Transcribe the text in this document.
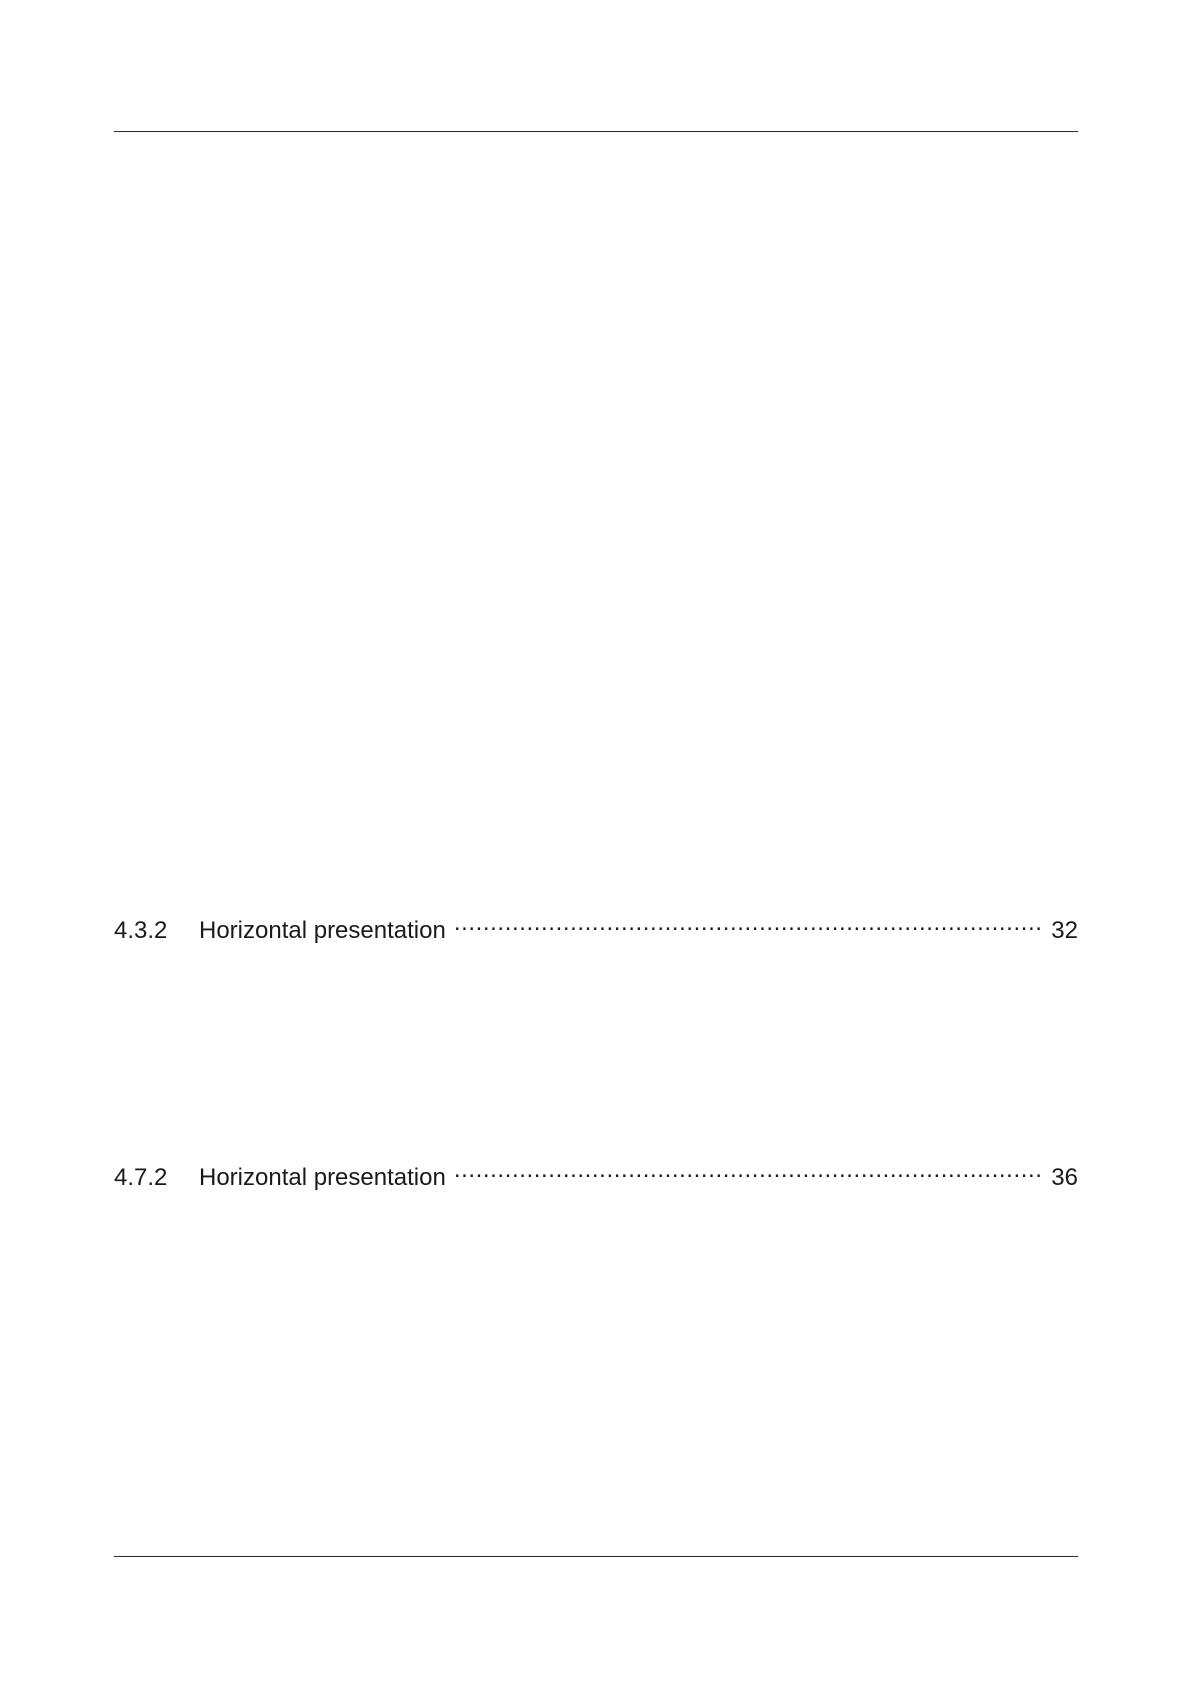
4.3.2	Horizontal presentation .....	32
4.7.2	Horizontal presentation .....	36
